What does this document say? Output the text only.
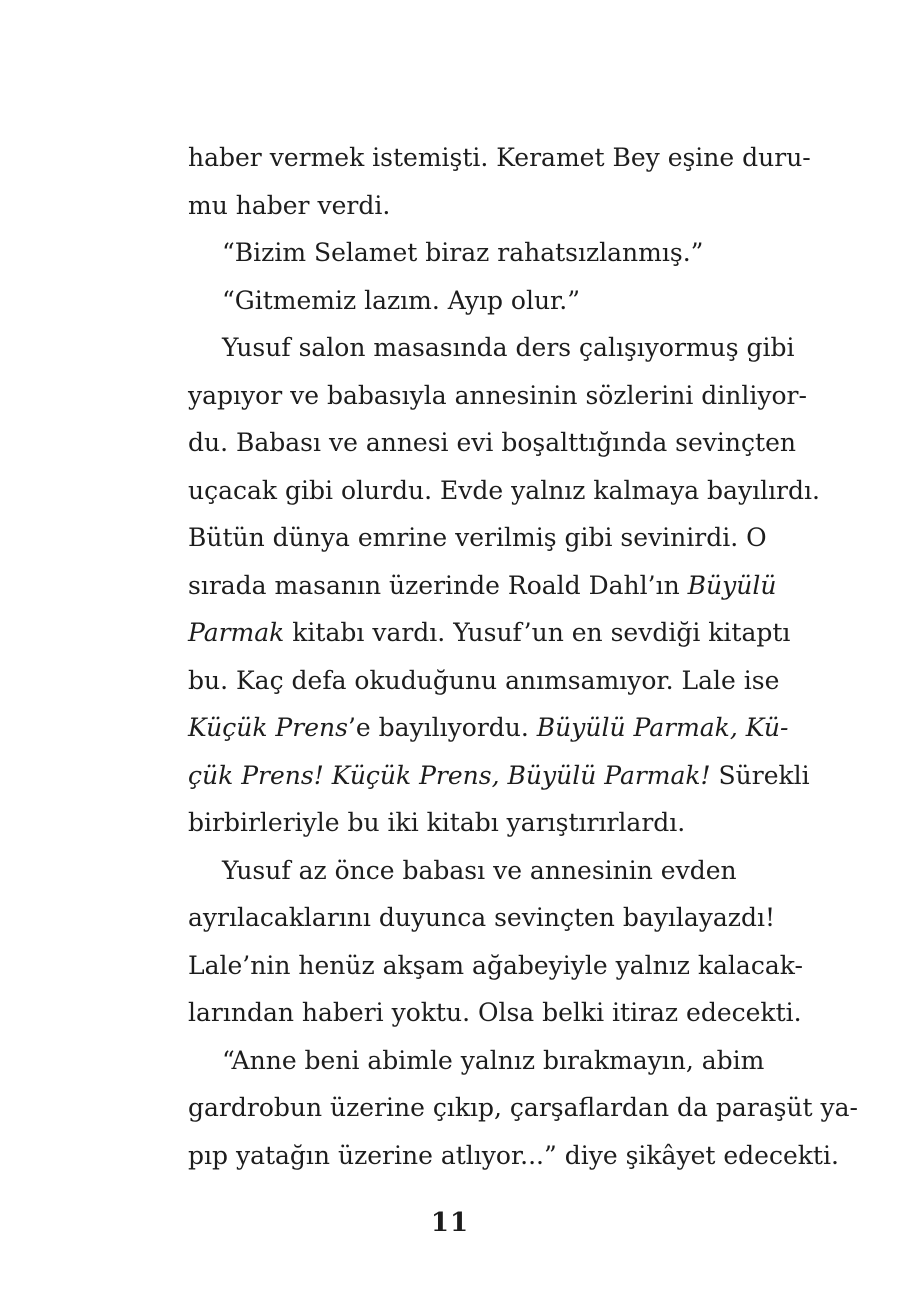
haber vermek istemişti. Keramet Bey eşine duru-
mu haber verdi.
“Bizim Selamet biraz rahatsızlanmış.”
“Gitmemiz lazım. Ayıp olur.”
Yusuf salon masasında ders çalışıyormuş gibi
yapıyor ve babasıyla annesinin sözlerini dinliyor-
du. Babası ve annesi evi boşalttığında sevinçten
uçacak gibi olurdu. Evde yalnız kalmaya bayılırdı.
Bütün dünya emrine verilmiş gibi sevinirdi. O
sırada masanın üzerinde Roald Dahl’ın Büyülü
Parmak kitabı vardı. Yusuf’un en sevdiği kitaptı
bu. Kaç defa okuduğunu anımsamıyor. Lale ise
Küçük Prens’e bayılıyordu. Büyülü Parmak, Kü-
çük Prens! Küçük Prens, Büyülü Parmak! Sürekli
birbirleriyle bu iki kitabı yarıştırırlardı.
Yusuf az önce babası ve annesinin evden
ayrılacaklarını duyunca sevinçten bayılayazdı!
Lale’nin henüz akşam ağabeyiyle yalnız kalacak-
larından haberi yoktu. Olsa belki itiraz edecekti.
“Anne beni abimle yalnız bırakmayın, abim
gardrobun üzerine çıkıp, çarşaflardan da paraşüt ya-
pıp yatağın üzerine atlıyor...” diye şikâyet edecekti.
11
